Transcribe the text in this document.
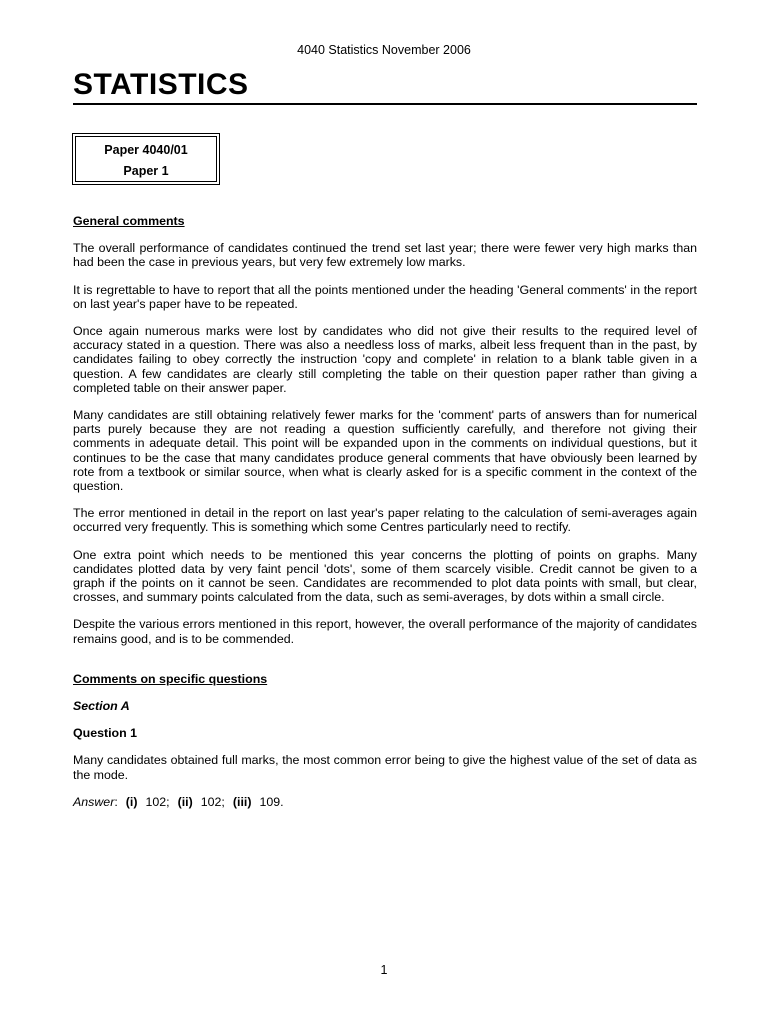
4040 Statistics November 2006
STATISTICS
Paper 4040/01
Paper 1
General comments

The overall performance of candidates continued the trend set last year; there were fewer very high marks than had been the case in previous years, but very few extremely low marks.

It is regrettable to have to report that all the points mentioned under the heading 'General comments' in the report on last year's paper have to be repeated.

Once again numerous marks were lost by candidates who did not give their results to the required level of accuracy stated in a question. There was also a needless loss of marks, albeit less frequent than in the past, by candidates failing to obey correctly the instruction 'copy and complete' in relation to a blank table given in a question. A few candidates are clearly still completing the table on their question paper rather than giving a completed table on their answer paper.

Many candidates are still obtaining relatively fewer marks for the 'comment' parts of answers than for numerical parts purely because they are not reading a question sufficiently carefully, and therefore not giving their comments in adequate detail. This point will be expanded upon in the comments on individual questions, but it continues to be the case that many candidates produce general comments that have obviously been learned by rote from a textbook or similar source, when what is clearly asked for is a specific comment in the context of the question.

The error mentioned in detail in the report on last year's paper relating to the calculation of semi-averages again occurred very frequently. This is something which some Centres particularly need to rectify.

One extra point which needs to be mentioned this year concerns the plotting of points on graphs. Many candidates plotted data by very faint pencil 'dots', some of them scarcely visible. Credit cannot be given to a graph if the points on it cannot be seen. Candidates are recommended to plot data points with small, but clear, crosses, and summary points calculated from the data, such as semi-averages, by dots within a small circle.

Despite the various errors mentioned in this report, however, the overall performance of the majority of candidates remains good, and is to be commended.

Comments on specific questions
Section A
Question 1

Many candidates obtained full marks, the most common error being to give the highest value of the set of data as the mode.

Answer: (i) 102; (ii) 102; (iii) 109.
1
